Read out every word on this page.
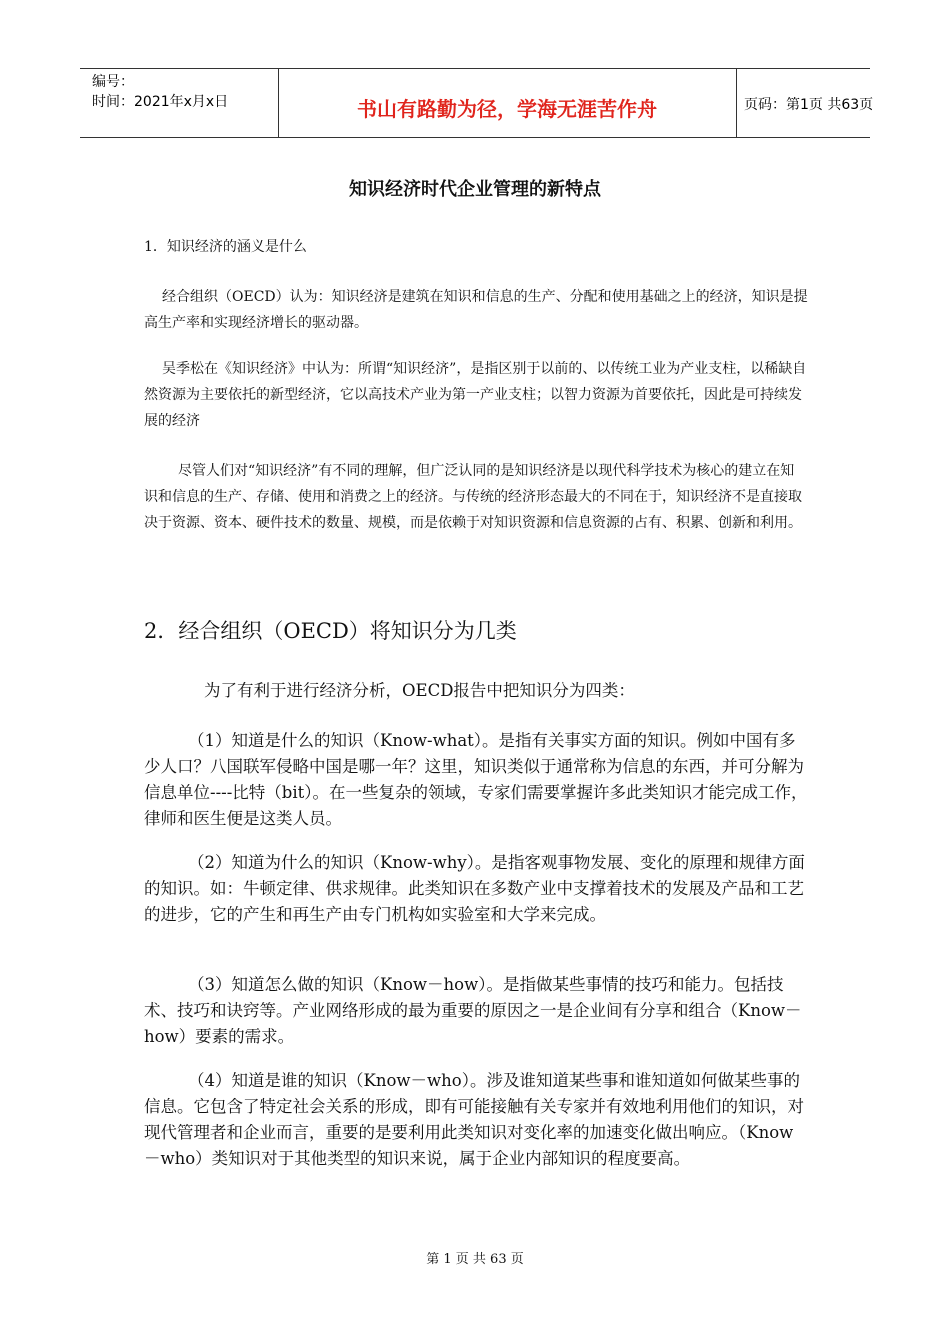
编号：
时间：2021年x月x日	书山有路勤为径，学海无涯苦作舟	页码：第1页 共63页
知识经济时代企业管理的新特点

1．知识经济的涵义是什么

经合组织（OECD）认为：知识经济是建筑在知识和信息的生产、分配和使用基础之上的经济，知识是提高生产率和实现经济增长的驱动器。

吴季松在《知识经济》中认为：所谓“知识经济”，是指区别于以前的、以传统工业为产业支柱，以稀缺自然资源为主要依托的新型经济，它以高技术产业为第一产业支柱；以智力资源为首要依托，因此是可持续发展的经济

尽管人们对“知识经济”有不同的理解，但广泛认同的是知识经济是以现代科学技术为核心的建立在知识和信息的生产、存储、使用和消费之上的经济。与传统的经济形态最大的不同在于，知识经济不是直接取决于资源、资本、硬件技术的数量、规模，而是依赖于对知识资源和信息资源的占有、积累、创新和利用。

2．经合组织（OECD）将知识分为几类

为了有利于进行经济分析，OECD报告中把知识分为四类：

（1）知道是什么的知识（Know-what）。是指有关事实方面的知识。例如中国有多少人口？八国联军侵略中国是哪一年？这里，知识类似于通常称为信息的东西，并可分解为信息单位----比特（bit）。在一些复杂的领域，专家们需要掌握许多此类知识才能完成工作，律师和医生便是这类人员。

（2）知道为什么的知识（Know-why）。是指客观事物发展、变化的原理和规律方面的知识。如：牛顿定律、供求规律。此类知识在多数产业中支撑着技术的发展及产品和工艺的进步，它的产生和再生产由专门机构如实验室和大学来完成。

（3）知道怎么做的知识（Know－how）。是指做某些事情的技巧和能力。包括技术、技巧和诀窍等。产业网络形成的最为重要的原因之一是企业间有分享和组合（Know－how）要素的需求。

（4）知道是谁的知识（Know－who）。涉及谁知道某些事和谁知道如何做某些事的信息。它包含了特定社会关系的形成，即有可能接触有关专家并有效地利用他们的知识，对现代管理者和企业而言，重要的是要利用此类知识对变化率的加速变化做出响应。（Know－who）类知识对于其他类型的知识来说，属于企业内部知识的程度要高。

第 1 页 共 63 页
